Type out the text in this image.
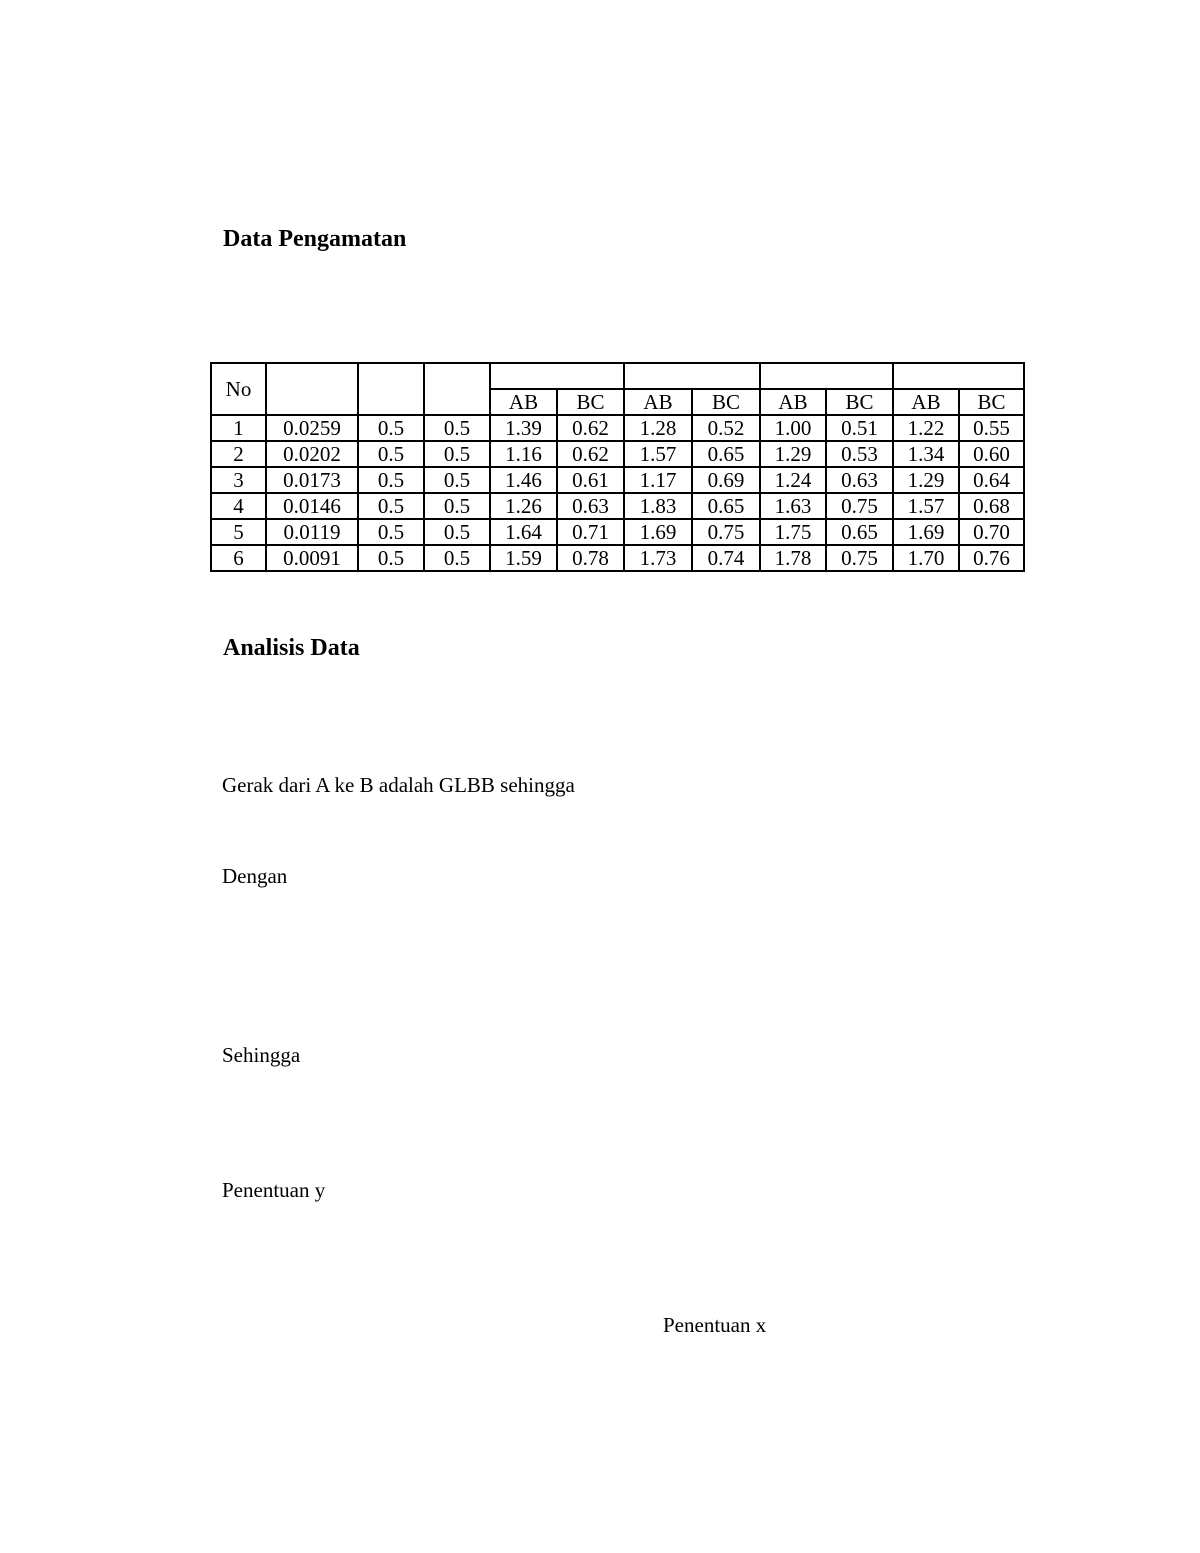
Data Pengamatan
No											
				AB	BC	AB	BC	AB	BC	AB	BC
1	0.0259	0.5	0.5	1.39	0.62	1.28	0.52	1.00	0.51	1.22	0.55
2	0.0202	0.5	0.5	1.16	0.62	1.57	0.65	1.29	0.53	1.34	0.60
3	0.0173	0.5	0.5	1.46	0.61	1.17	0.69	1.24	0.63	1.29	0.64
4	0.0146	0.5	0.5	1.26	0.63	1.83	0.65	1.63	0.75	1.57	0.68
5	0.0119	0.5	0.5	1.64	0.71	1.69	0.75	1.75	0.65	1.69	0.70
6	0.0091	0.5	0.5	1.59	0.78	1.73	0.74	1.78	0.75	1.70	0.76
Analisis Data

Gerak dari A ke B adalah GLBB sehingga

Dengan

Sehingga

Penentuan y

Penentuan x
